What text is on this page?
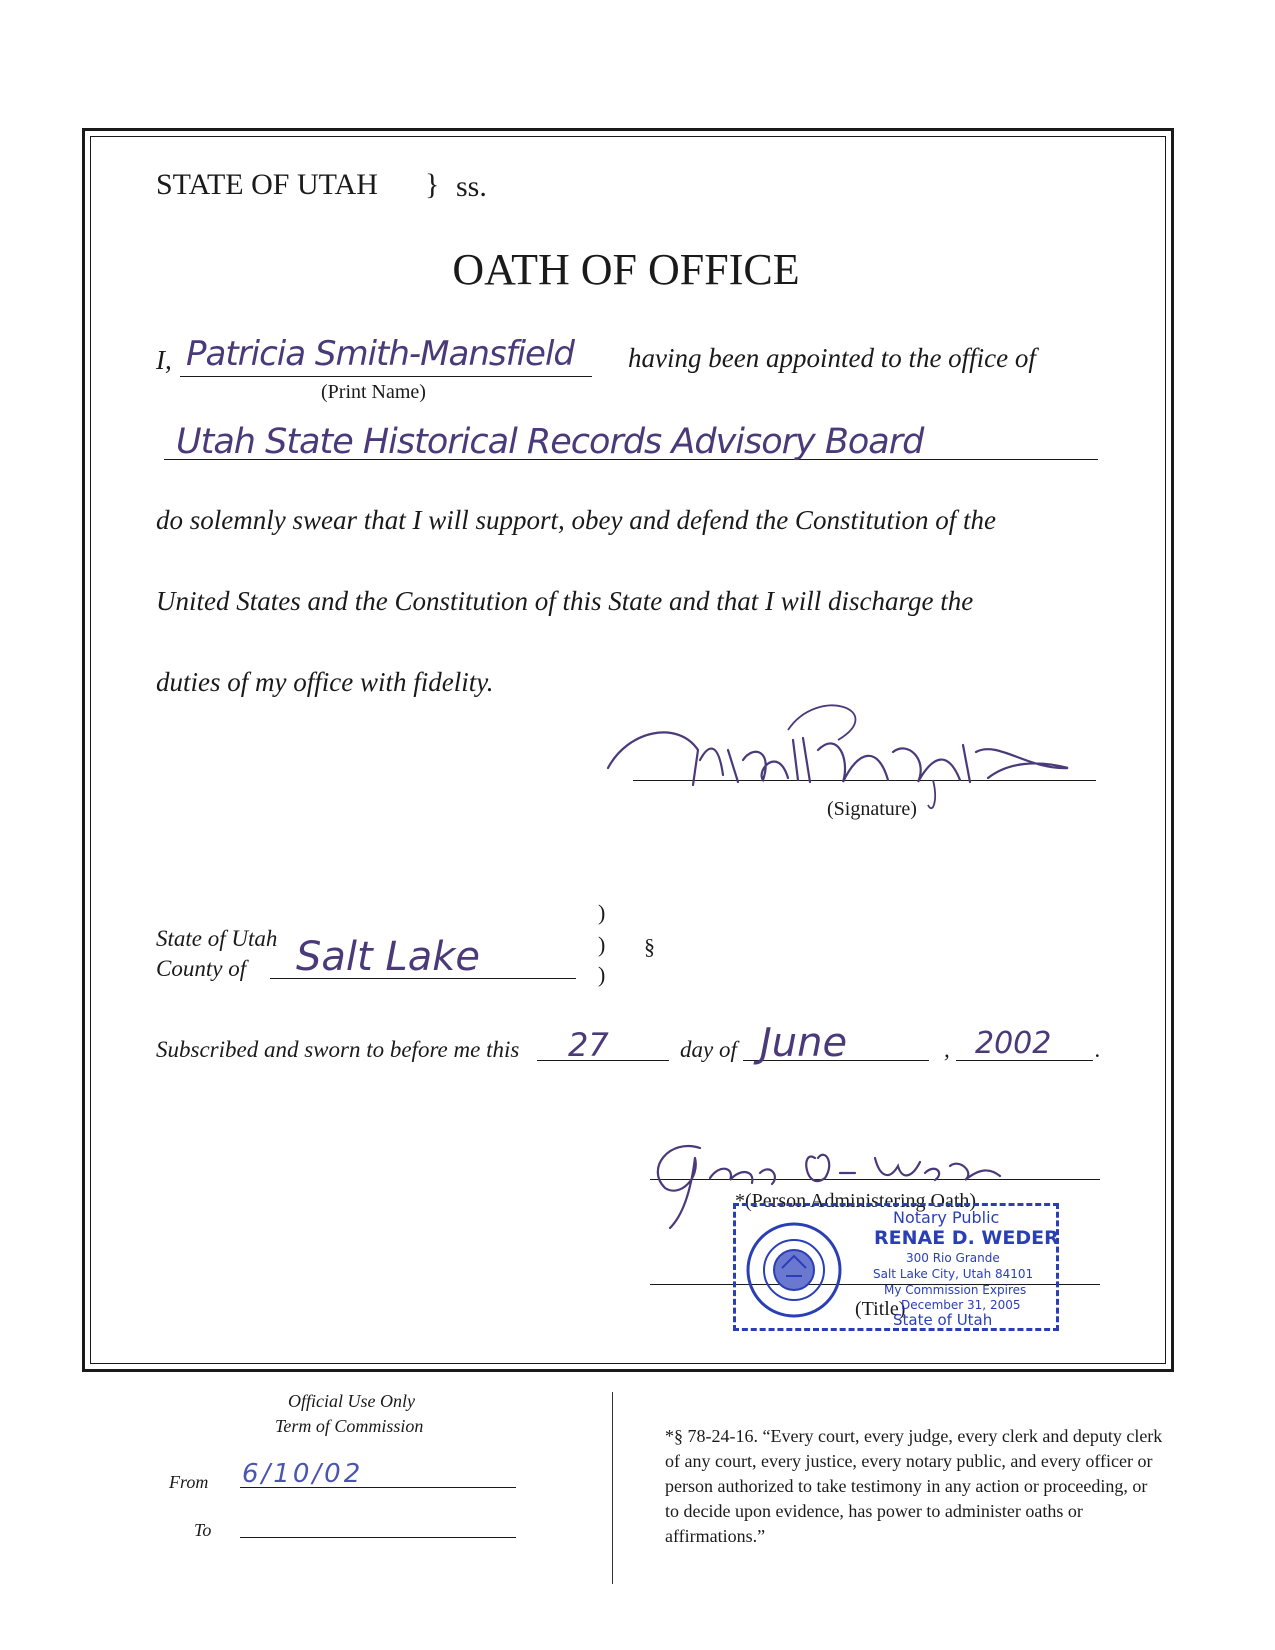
STATE OF UTAH } ss.
OATH OF OFFICE
I, Patricia Smith-Mansfield
(Print Name)
having been appointed to the office of
Utah State Historical Records Advisory Board
do solemnly swear that I will support, obey and defend the Constitution of the
United States and the Constitution of this State and that I will discharge the
duties of my office with fidelity.
(Signature)
State of Utah
County of Salt Lake
)
)
)
§
Subscribed and sworn to before me this 27	day of June	, 2002 .
*(Person Administering Oath)
(Title)
Notary Public
RENAE D. WEDER
300 Rio Grande
Salt Lake City, Utah 84101
My Commission Expires
December 31, 2005
State of Utah
Official Use Only
Term of Commission
From 6/10/02
To
*§ 78-24-16. “Every court, every judge, every clerk and deputy clerk of any court, every justice, every notary public, and every officer or person authorized to take testimony in any action or proceeding, or to decide upon evidence, has power to administer oaths or affirmations.”
